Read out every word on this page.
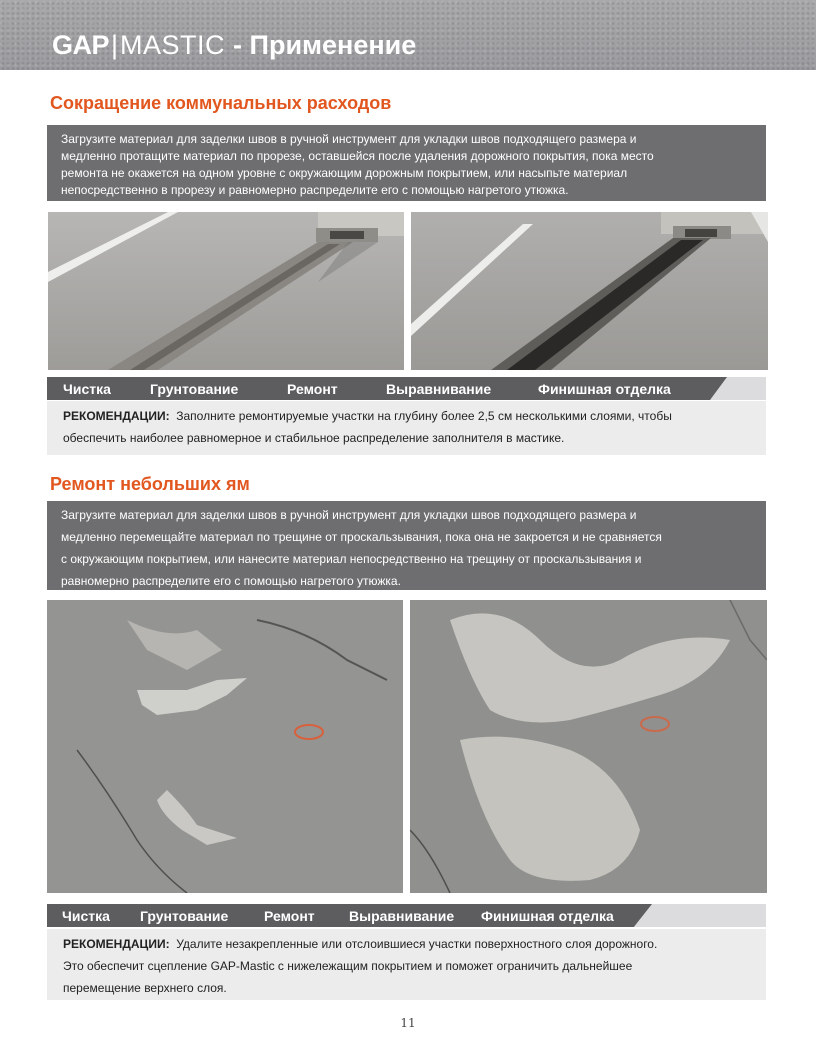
GAP | MASTIC - Применение
Сокращение коммунальных расходов
Загрузите материал для заделки швов в ручной инструмент для укладки швов подходящего размера и
медленно протащите материал по прорезе, оставшейся после удаления дорожного покрытия, пока место
ремонта не окажется на одном уровне с окружающим дорожным покрытием, или насыпьте материал
непосредственно в прорезу и равномерно распределите его с помощью нагретого утюжка.
Чистка	Грунтование	Ремонт	Выравнивание	Финишная отделка
РЕКОМЕНДАЦИИ: Заполните ремонтируемые участки на глубину более 2,5 см несколькими слоями, чтобы
обеспечить наиболее равномерное и стабильное распределение заполнителя в мастике.
Ремонт небольших ям
Загрузите материал для заделки швов в ручной инструмент для укладки швов подходящего размера и
медленно перемещайте материал по трещине от проскальзывания, пока она не закроется и не сравняется
с окружающим покрытием, или нанесите материал непосредственно на трещину от проскальзывания и
равномерно распределите его с помощью нагретого утюжка.
Чистка Грунтование	Ремонт Выравнивание Финишная отделка
РЕКОМЕНДАЦИИ: Удалите незакрепленные или отслоившиеся участки поверхностного слоя дорожного.
Это обеспечит сцепление GAP-Mastic с нижележащим покрытием и поможет ограничить дальнейшее
перемещение верхнего слоя.
11
